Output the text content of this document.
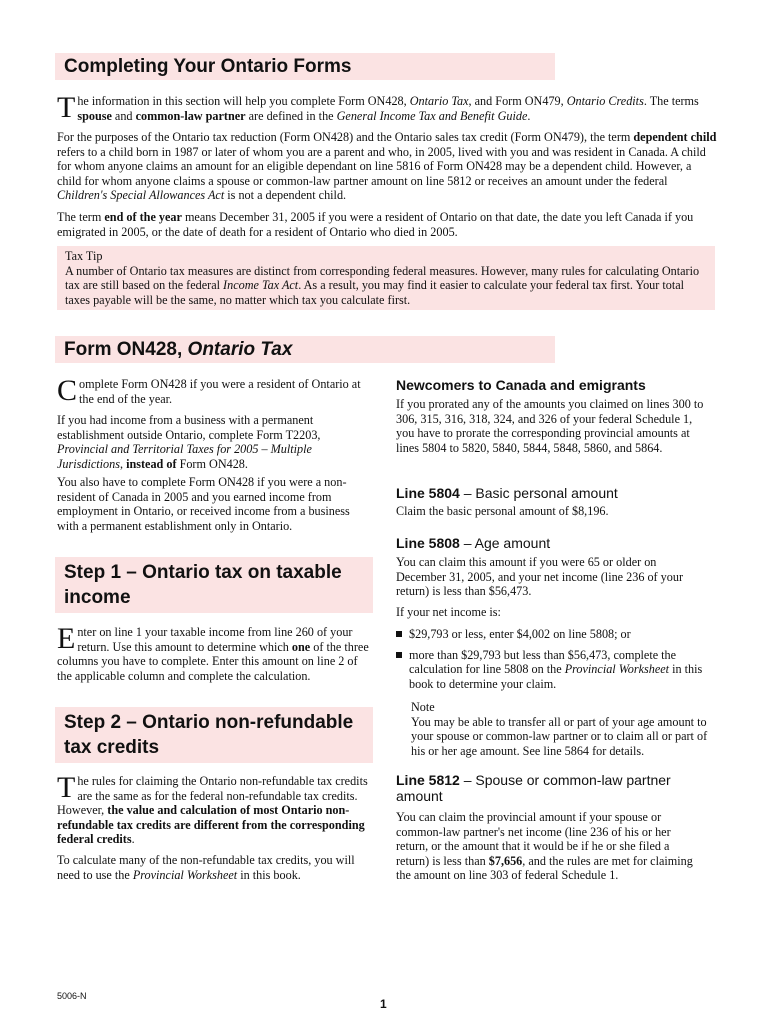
Completing Your Ontario Forms
The information in this section will help you complete Form ON428, Ontario Tax, and Form ON479, Ontario Credits. The terms spouse and common-law partner are defined in the General Income Tax and Benefit Guide.
For the purposes of the Ontario tax reduction (Form ON428) and the Ontario sales tax credit (Form ON479), the term dependent child refers to a child born in 1987 or later of whom you are a parent and who, in 2005, lived with you and was resident in Canada. A child for whom anyone claims an amount for an eligible dependant on line 5816 of Form ON428 may be a dependent child. However, a child for whom anyone claims a spouse or common-law partner amount on line 5812 or receives an amount under the federal Children's Special Allowances Act is not a dependent child.
The term end of the year means December 31, 2005 if you were a resident of Ontario on that date, the date you left Canada if you emigrated in 2005, or the date of death for a resident of Ontario who died in 2005.
Tax Tip
A number of Ontario tax measures are distinct from corresponding federal measures. However, many rules for calculating Ontario tax are still based on the federal Income Tax Act. As a result, you may find it easier to calculate your federal tax first. Your total taxes payable will be the same, no matter which tax you calculate first.
Form ON428, Ontario Tax
Complete Form ON428 if you were a resident of Ontario at the end of the year.
If you had income from a business with a permanent establishment outside Ontario, complete Form T2203, Provincial and Territorial Taxes for 2005 – Multiple Jurisdictions, instead of Form ON428.
You also have to complete Form ON428 if you were a non-resident of Canada in 2005 and you earned income from employment in Ontario, or received income from a business with a permanent establishment only in Ontario.
Step 1 – Ontario tax on taxable income
Enter on line 1 your taxable income from line 260 of your return. Use this amount to determine which one of the three columns you have to complete. Enter this amount on line 2 of the applicable column and complete the calculation.
Step 2 – Ontario non-refundable tax credits
The rules for claiming the Ontario non-refundable tax credits are the same as for the federal non-refundable tax credits. However, the value and calculation of most Ontario non-refundable tax credits are different from the corresponding federal credits.
To calculate many of the non-refundable tax credits, you will need to use the Provincial Worksheet in this book.
Newcomers to Canada and emigrants
If you prorated any of the amounts you claimed on lines 300 to 306, 315, 316, 318, 324, and 326 of your federal Schedule 1, you have to prorate the corresponding provincial amounts at lines 5804 to 5820, 5840, 5844, 5848, 5860, and 5864.
Line 5804 – Basic personal amount
Claim the basic personal amount of $8,196.
Line 5808 – Age amount
You can claim this amount if you were 65 or older on December 31, 2005, and your net income (line 236 of your return) is less than $56,473.
If your net income is:
$29,793 or less, enter $4,002 on line 5808; or
more than $29,793 but less than $56,473, complete the calculation for line 5808 on the Provincial Worksheet in this book to determine your claim.
Note
You may be able to transfer all or part of your age amount to your spouse or common-law partner or to claim all or part of his or her age amount. See line 5864 for details.
Line 5812 – Spouse or common-law partner amount
You can claim the provincial amount if your spouse or common-law partner's net income (line 236 of his or her return, or the amount that it would be if he or she filed a return) is less than $7,656, and the rules are met for claiming the amount on line 303 of federal Schedule 1.
5006-N
1
